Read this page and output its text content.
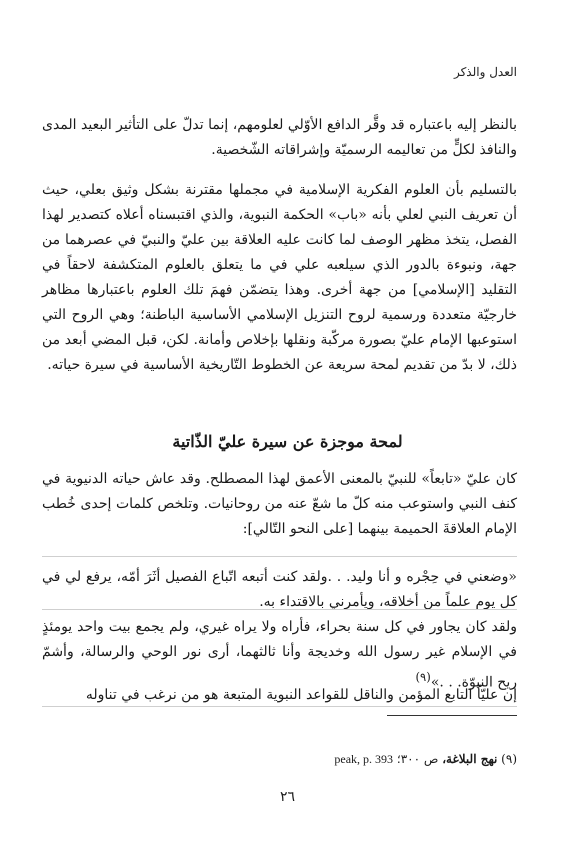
العدل والذكر
بالنظر إليه باعتباره قد وقَّر الدافع الأوّلي لعلومهم، إنما تدلّ على التأثير البعيد المدى والنافذ لكلٍّ من تعاليمه الرسميّة وإشراقاته الشّخصية.
بالتسليم بأن العلوم الفكرية الإسلامية في مجملها مقترنة بشكل وثيق بعلي، حيث أن تعريف النبي لعلي بأنه «باب» الحكمة النبوية، والذي اقتبسناه أعلاه كتصدير لهذا الفصل، يتخذ مظهر الوصف لما كانت عليه العلاقة بين عليّ والنبيّ في عصرهما من جهة، ونبوءة بالدور الذي سيلعبه علي في ما يتعلق بالعلوم المتكشفة لاحقاً في التقليد [الإسلامي] من جهة أخرى. وهذا يتضمّن فهمَ تلك العلوم باعتبارها مظاهر خارجيّة متعددة ورسمية لروح التنزيل الإسلامي الأساسية الباطنة؛ وهي الروح التي استوعبها الإمام عليّ بصورة مركّبة ونقلها بإخلاص وأمانة. لكن، قبل المضي أبعد من ذلك، لا بدّ من تقديم لمحة سريعة عن الخطوط التّاريخية الأساسية في سيرة حياته.
لمحة موجزة عن سيرة عليّ الذّاتية
كان عليّ «تابعاً» للنبيّ بالمعنى الأعمق لهذا المصطلح. وقد عاش حياته الدنيوية في كنف النبي واستوعب منه كلّ ما شعّ عنه من روحانيات. وتلخص كلمات إحدى خُطب الإمام العلاقةَ الحميمة بينهما [على النحو التّالي]:
«وضعني في حِجْره و أنا وليد. . .ولقد كنت أتبعه اتّباع الفصيل أثَرَ أمّه، يرفع لي في كل يوم علماً من أخلاقه، ويأمرني بالاقتداء به.
ولقد كان يجاور في كل سنة بحراء، فأراه ولا يراه غيري، ولم يجمع بيت واحد يومئذٍ في الإسلام غير رسول الله وخديجة وأنا ثالثهما، أرى نور الوحي والرسالة، وأشمّ ريح النبوّة. . .»$^{(٩)}$
إن عليّاً التابع المؤمن والناقل للقواعد النبوية المتبعة هو من نرغب في تناوله
(٩) نهج البلاغة، ص ٣٠٠؛ peak, p. 393
٢٦
